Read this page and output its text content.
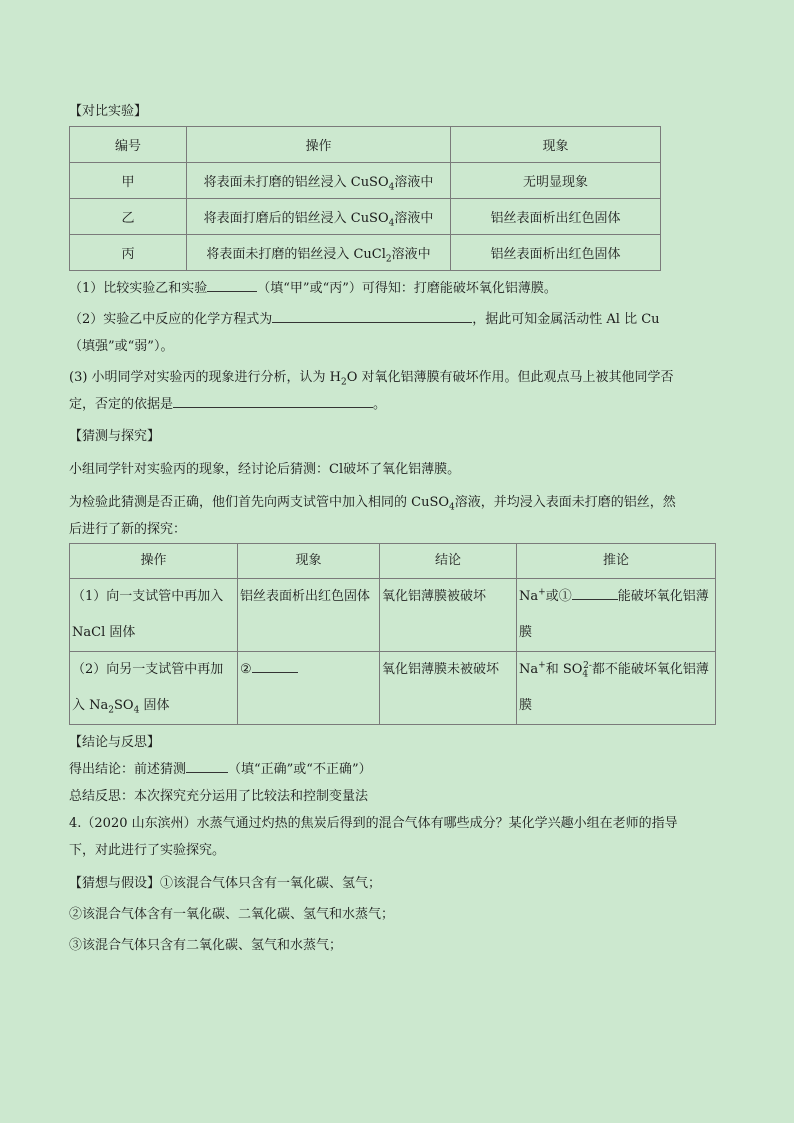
【对比实验】

编号	操作	现象
甲	将表面未打磨的铝丝浸入 CuSO$_4$溶液中	无明显现象
乙	将表面打磨后的铝丝浸入 CuSO$_4$溶液中	铝丝表面析出红色固体
丙	将表面未打磨的铝丝浸入 CuCl$_2$溶液中	铝丝表面析出红色固体

（1）比较实验乙和实验	（填“甲”或“丙”）可得知：打磨能破坏氧化铝薄膜。

（2）实验乙中反应的化学方程式为	，据此可知金属活动性 Al 比 Cu

（填强”或“弱”）。

(3) 小明同学对实验丙的现象进行分析，认为 $H_2O$ 对氧化铝薄膜有破坏作用。但此观点马上被其他同学否

定，否定的依据是	。

【猜测与探究】

小组同学针对实验丙的现象，经讨论后猜测：Cl破坏了氧化铝薄膜。

为检验此猜测是否正确，他们首先向两支试管中加入相同的 CuSO$_4$溶液，并均浸入表面未打磨的铝丝，然

后进行了新的探究：

操作	现象	结论	推论
（1）向一支试管中再加入 NaCl 固体	铝丝表面析出红色固体	氧化铝薄膜被破坏	Na+或① 能破坏氧化铝薄膜
（2）向另一支试管中再加入 $Na_2SO_4$ 固体	②	氧化铝薄膜未被破坏	Na+和 $SO_4^{2-}$都不能破坏氧化铝薄膜

【结论与反思】

得出结论：前述猜测	（填“正确”或“不正确”）

总结反思：本次探究充分运用了比较法和控制变量法

4.（2020 山东滨州）水蒸气通过灼热的焦炭后得到的混合气体有哪些成分？某化学兴趣小组在老师的指导

下，对此进行了实验探究。

【猜想与假设】①该混合气体只含有一氧化碳、氢气；

②该混合气体含有一氧化碳、二氧化碳、氢气和水蒸气；

③该混合气体只含有二氧化碳、氢气和水蒸气；
